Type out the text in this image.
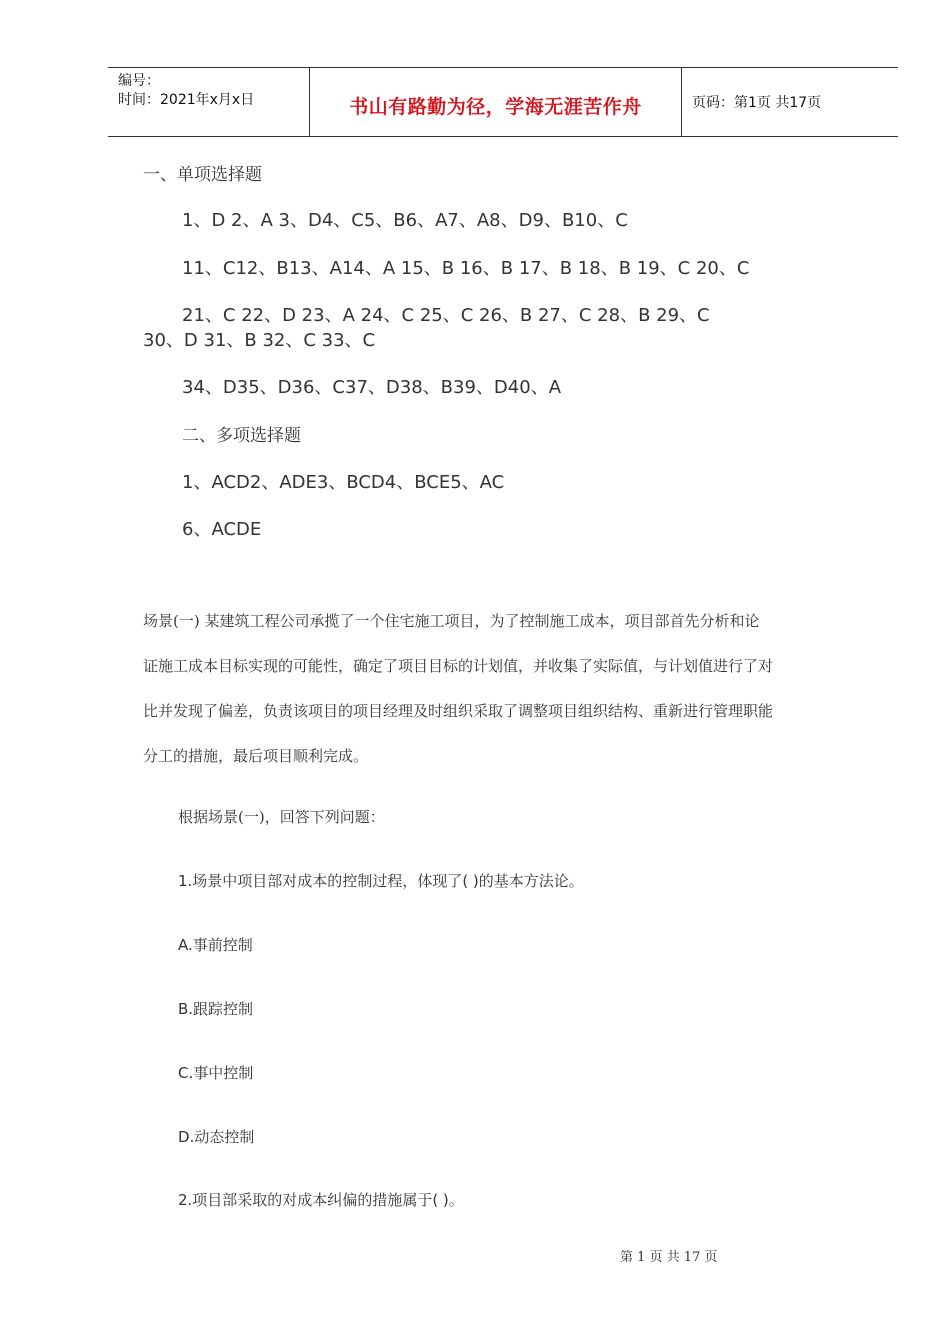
编号：
时间：2021年x月x日	书山有路勤为径，学海无涯苦作舟	页码：第1页 共17页
一、单项选择题
1、D 2、A 3、D4、C5、B6、A7、A8、D9、B10、C
11、C12、B13、A14、A 15、B 16、B 17、B 18、B 19、C 20、C
21、C 22、D 23、A 24、C 25、C 26、B 27、C 28、B 29、C
30、D 31、B 32、C 33、C
34、D35、D36、C37、D38、B39、D40、A
二、多项选择题
1、ACD2、ADE3、BCD4、BCE5、AC
6、ACDE
场景(一) 某建筑工程公司承揽了一个住宅施工项目，为了控制施工成本，项目部首先分析和论
证施工成本目标实现的可能性，确定了项目目标的计划值，并收集了实际值，与计划值进行了对
比并发现了偏差，负责该项目的项目经理及时组织采取了调整项目组织结构、重新进行管理职能
分工的措施，最后项目顺利完成。
根据场景(一)，回答下列问题：
1.场景中项目部对成本的控制过程，体现了( )的基本方法论。
A.事前控制
B.跟踪控制
C.事中控制
D.动态控制
2.项目部采取的对成本纠偏的措施属于( )。
第 1 页 共 17 页
